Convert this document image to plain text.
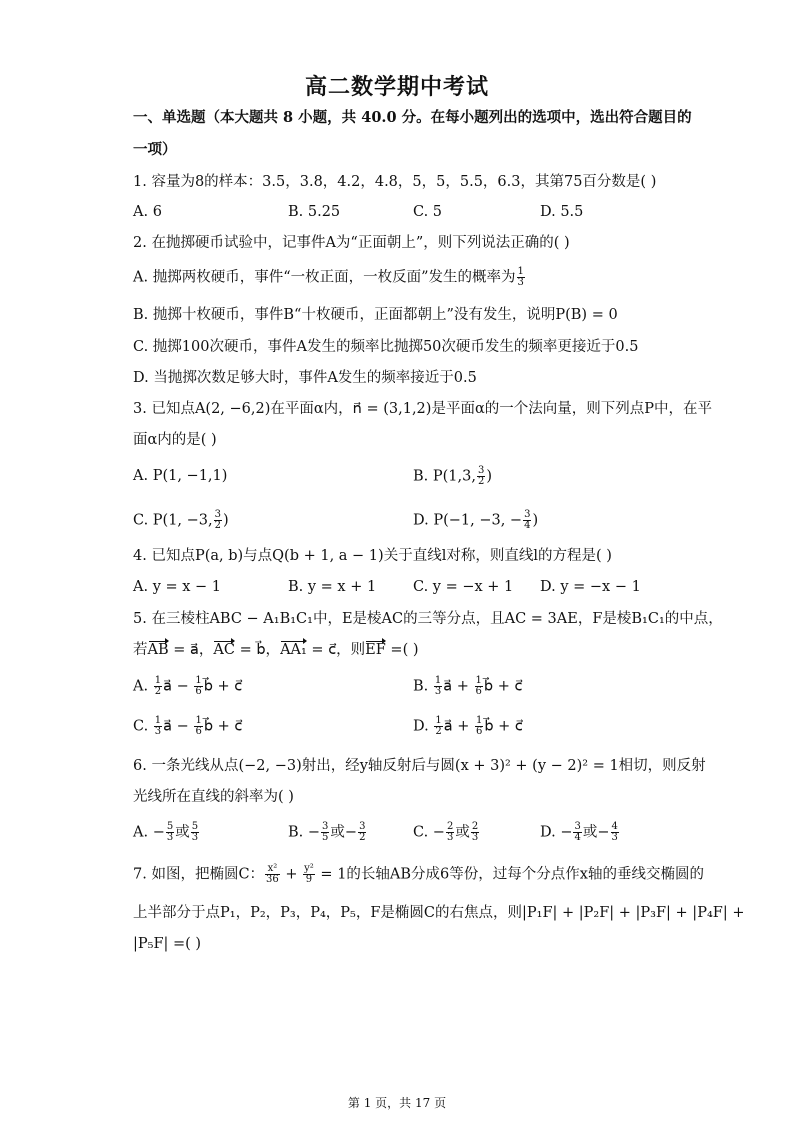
高二数学期中考试
一、单选题（本大题共 8 小题，共 40.0 分。在每小题列出的选项中，选出符合题目的
一项）
1. 容量为8的样本：3.5，3.8，4.2，4.8，5，5，5.5，6.3，其第75百分数是( )
A. 6	B. 5.25	C. 5	D. 5.5
2. 在抛掷硬币试验中，记事件A为“正面朝上”，则下列说法正确的( )
A. 抛掷两枚硬币，事件“一枚正面，一枚反面”发生的概率为 $\frac{1}{3}$
B. 抛掷十枚硬币，事件B“十枚硬币，正面都朝上”没有发生，说明P(B) = 0
C. 抛掷100次硬币，事件A发生的频率比抛掷50次硬币发生的频率更接近于0.5
D. 当抛掷次数足够大时，事件A发生的频率接近于0.5
3. 已知点A(2, −6,2)在平面α内，n⃗ = (3,1,2)是平面α的一个法向量，则下列点P中，在平
面α内的是( )
A. P(1, −1,1)	B. P(1,3, $\frac{3}{2}$ )
C. P(1, −3, $\frac{3}{2}$ )	D. P(−1, −3, − $\frac{3}{4}$ )
4. 已知点P(a, b)与点Q(b + 1, a − 1)关于直线l对称，则直线l的方程是( )
A. y = x − 1	B. y = x + 1	C. y = −x + 1 D. y = −x − 1
5. 在三棱柱ABC − A₁B₁C₁中，E是棱AC的三等分点，且AC = 3AE，F是棱B₁C₁的中点，
若AB = a⃗，AC = b⃗，AA₁ = c⃗，则EF =( )
A. $\frac{1}{2}$ a⃗ − $\frac{1}{6}$ b⃗ + c⃗	B. $\frac{1}{3}$ a⃗ + $\frac{1}{6}$ b⃗ + c⃗
C. $\frac{1}{3}$ a⃗ − $\frac{1}{6}$ b⃗ + c⃗	D. $\frac{1}{2}$ a⃗ + $\frac{1}{6}$ b⃗ + c⃗
6. 一条光线从点(−2, −3)射出，经y轴反射后与圆(x + 3)² + (y − 2)² = 1相切，则反射
光线所在直线的斜率为( )
A. − $\frac{5}{3}$ 或 $\frac{5}{3}$	B. − $\frac{3}{5}$ 或− $\frac{3}{2}$	C. − $\frac{2}{3}$ 或 $\frac{2}{3}$	D. − $\frac{3}{4}$ 或− $\frac{4}{3}$
7. 如图，把椭圆C： $\frac{\text{x²}}{36} + \frac{\text{y²}}{9} = 1$的长轴AB分成6等份，过每个分点作x轴的垂线交椭圆的
上半部分于点P₁，P₂，P₃，P₄，P₅，F是椭圆C的右焦点，则|P₁F| + |P₂F| + |P₃F| + |P₄F| +
|P₅F| =( )
第 1 页，共 17 页
